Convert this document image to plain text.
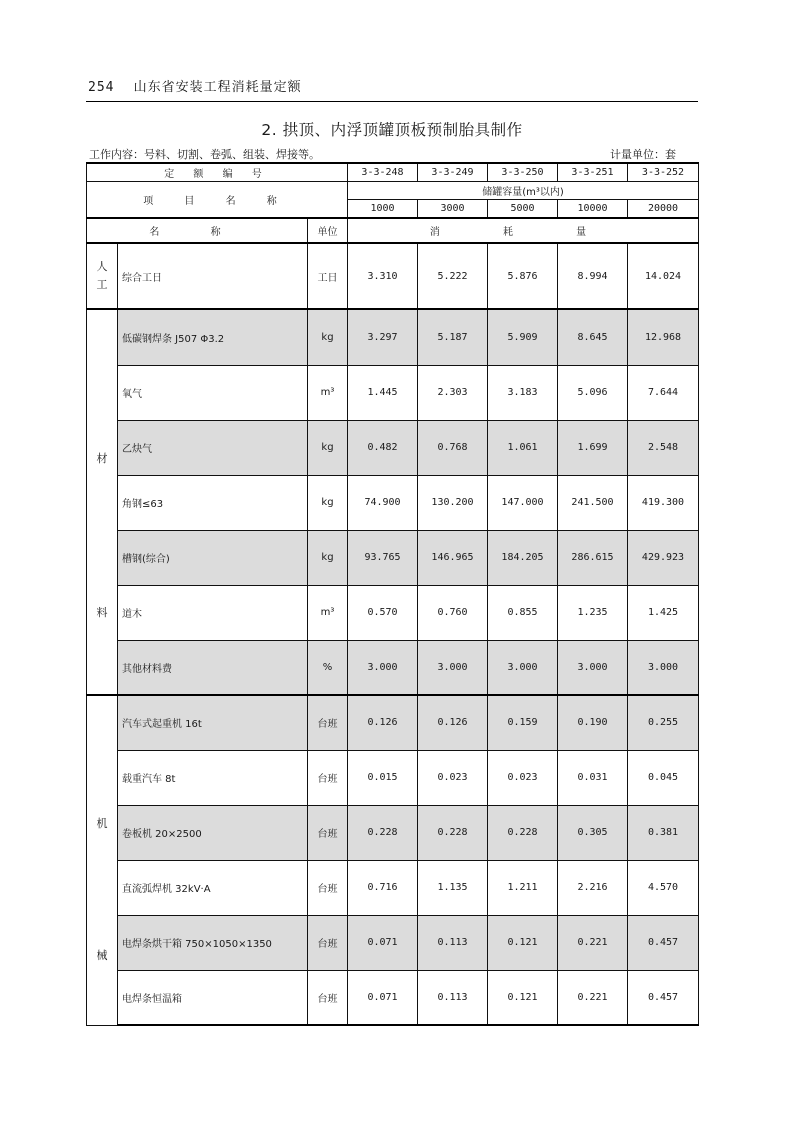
254 山东省安装工程消耗量定额
2. 拱顶、内浮顶罐顶板预制胎具制作
工作内容：号料、切割、卷弧、组装、焊接等。	计量单位：套
定 额 编 号			3-3-248	3-3-249	3-3-250	3-3-251	3-3-252
项 目 名 称			储罐容量(m³以内)				
			1000	3000	5000	10000	20000
名 称		单位	消 耗 量				

人
工	综合工日	工日	3.310	5.222	5.876	8.994	14.024

材
料	低碳钢焊条 J507 Φ3.2	kg	3.297	5.187	5.909	8.645	12.968
	氧气	m³	1.445	2.303	3.183	5.096	7.644
	乙炔气	kg	0.482	0.768	1.061	1.699	2.548
	角钢≤63	kg	74.900	130.200	147.000	241.500	419.300
	槽钢(综合)	kg	93.765	146.965	184.205	286.615	429.923
	道木	m³	0.570	0.760	0.855	1.235	1.425
	其他材料费	%	3.000	3.000	3.000	3.000	3.000

机
械	汽车式起重机 16t	台班	0.126	0.126	0.159	0.190	0.255
	载重汽车 8t	台班	0.015	0.023	0.023	0.031	0.045
	卷板机 20×2500	台班	0.228	0.228	0.228	0.305	0.381
	直流弧焊机 32kV·A	台班	0.716	1.135	1.211	2.216	4.570
	电焊条烘干箱 750×1050×1350	台班	0.071	0.113	0.121	0.221	0.457
	电焊条恒温箱	台班	0.071	0.113	0.121	0.221	0.457
